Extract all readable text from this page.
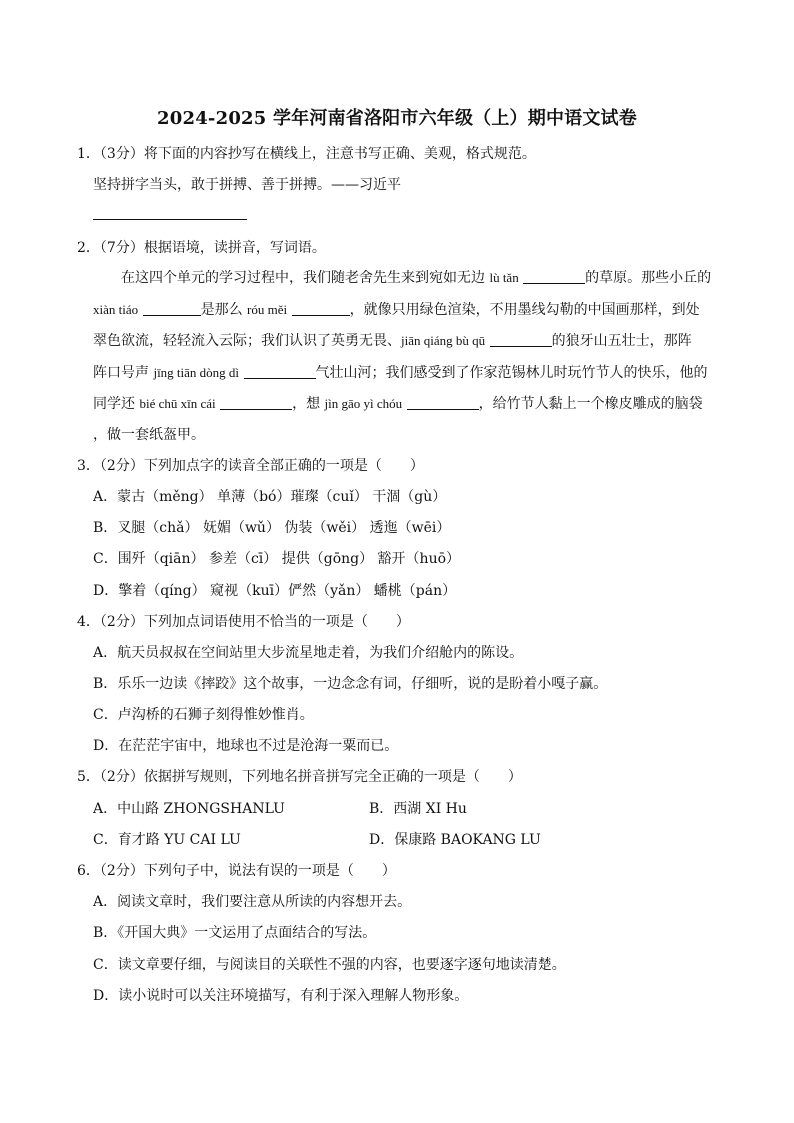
2024-2025 学年河南省洛阳市六年级（上）期中语文试卷
1．（3分）将下面的内容抄写在横线上，注意书写正确、美观，格式规范。
坚持拼字当头，敢于拼搏、善于拼搏。——习近平
2．（7分）根据语境，读拼音，写词语。
在这四个单元的学习过程中，我们随老舍先生来到宛如无边 lù tǎn	的草原。那些小丘的
xiàn tiáo	是那么 róu měi	，就像只用绿色渲染，不用墨线勾勒的中国画那样，到处
翠色欲流，轻轻流入云际；我们认识了英勇无畏、jiān qiáng bù qū	的狼牙山五壮士，那阵
阵口号声 jīng tiān dòng dì	气壮山河；我们感受到了作家范锡林儿时玩竹节人的快乐，他的
同学还 bié chū xīn cái	，想 jìn gāo yì chóu	，给竹节人黏上一个橡皮雕成的脑袋
，做一套纸盔甲。
3．（2分）下列加点字的读音全部正确的一项是（　　）
A．蒙古（měng） 单薄（bó）璀璨（cuǐ） 干涸（gù）
B．叉腿（chǎ） 妩媚（wǔ） 伪装（wěi） 透迤（wēi）
C．围歼（qiān） 参差（cī） 提供（gōng） 豁开（huō）
D．擎着（qíng） 窥视（kuī）俨然（yǎn） 蟠桃（pán）
4．（2分）下列加点词语使用不恰当的一项是（　　）
A．航天员叔叔在空间站里大步流星地走着，为我们介绍舱内的陈设。
B．乐乐一边读《摔跤》这个故事，一边念念有词，仔细听，说的是盼着小嘎子赢。
C．卢沟桥的石狮子刻得惟妙惟肖。
D．在茫茫宇宙中，地球也不过是沧海一粟而已。
5．（2分）依据拼写规则，下列地名拼音拼写完全正确的一项是（　　）
A．中山路 ZHONGSHANLU	B．西湖 XI Hu
C．育才路 YU CAI LU	D．保康路 BAOKANG LU
6．（2分）下列句子中，说法有误的一项是（　　）
A．阅读文章时，我们要注意从所读的内容想开去。
B．《开国大典》一文运用了点面结合的写法。
C．读文章要仔细，与阅读目的关联性不强的内容，也要逐字逐句地读清楚。
D．读小说时可以关注环境描写，有利于深入理解人物形象。
